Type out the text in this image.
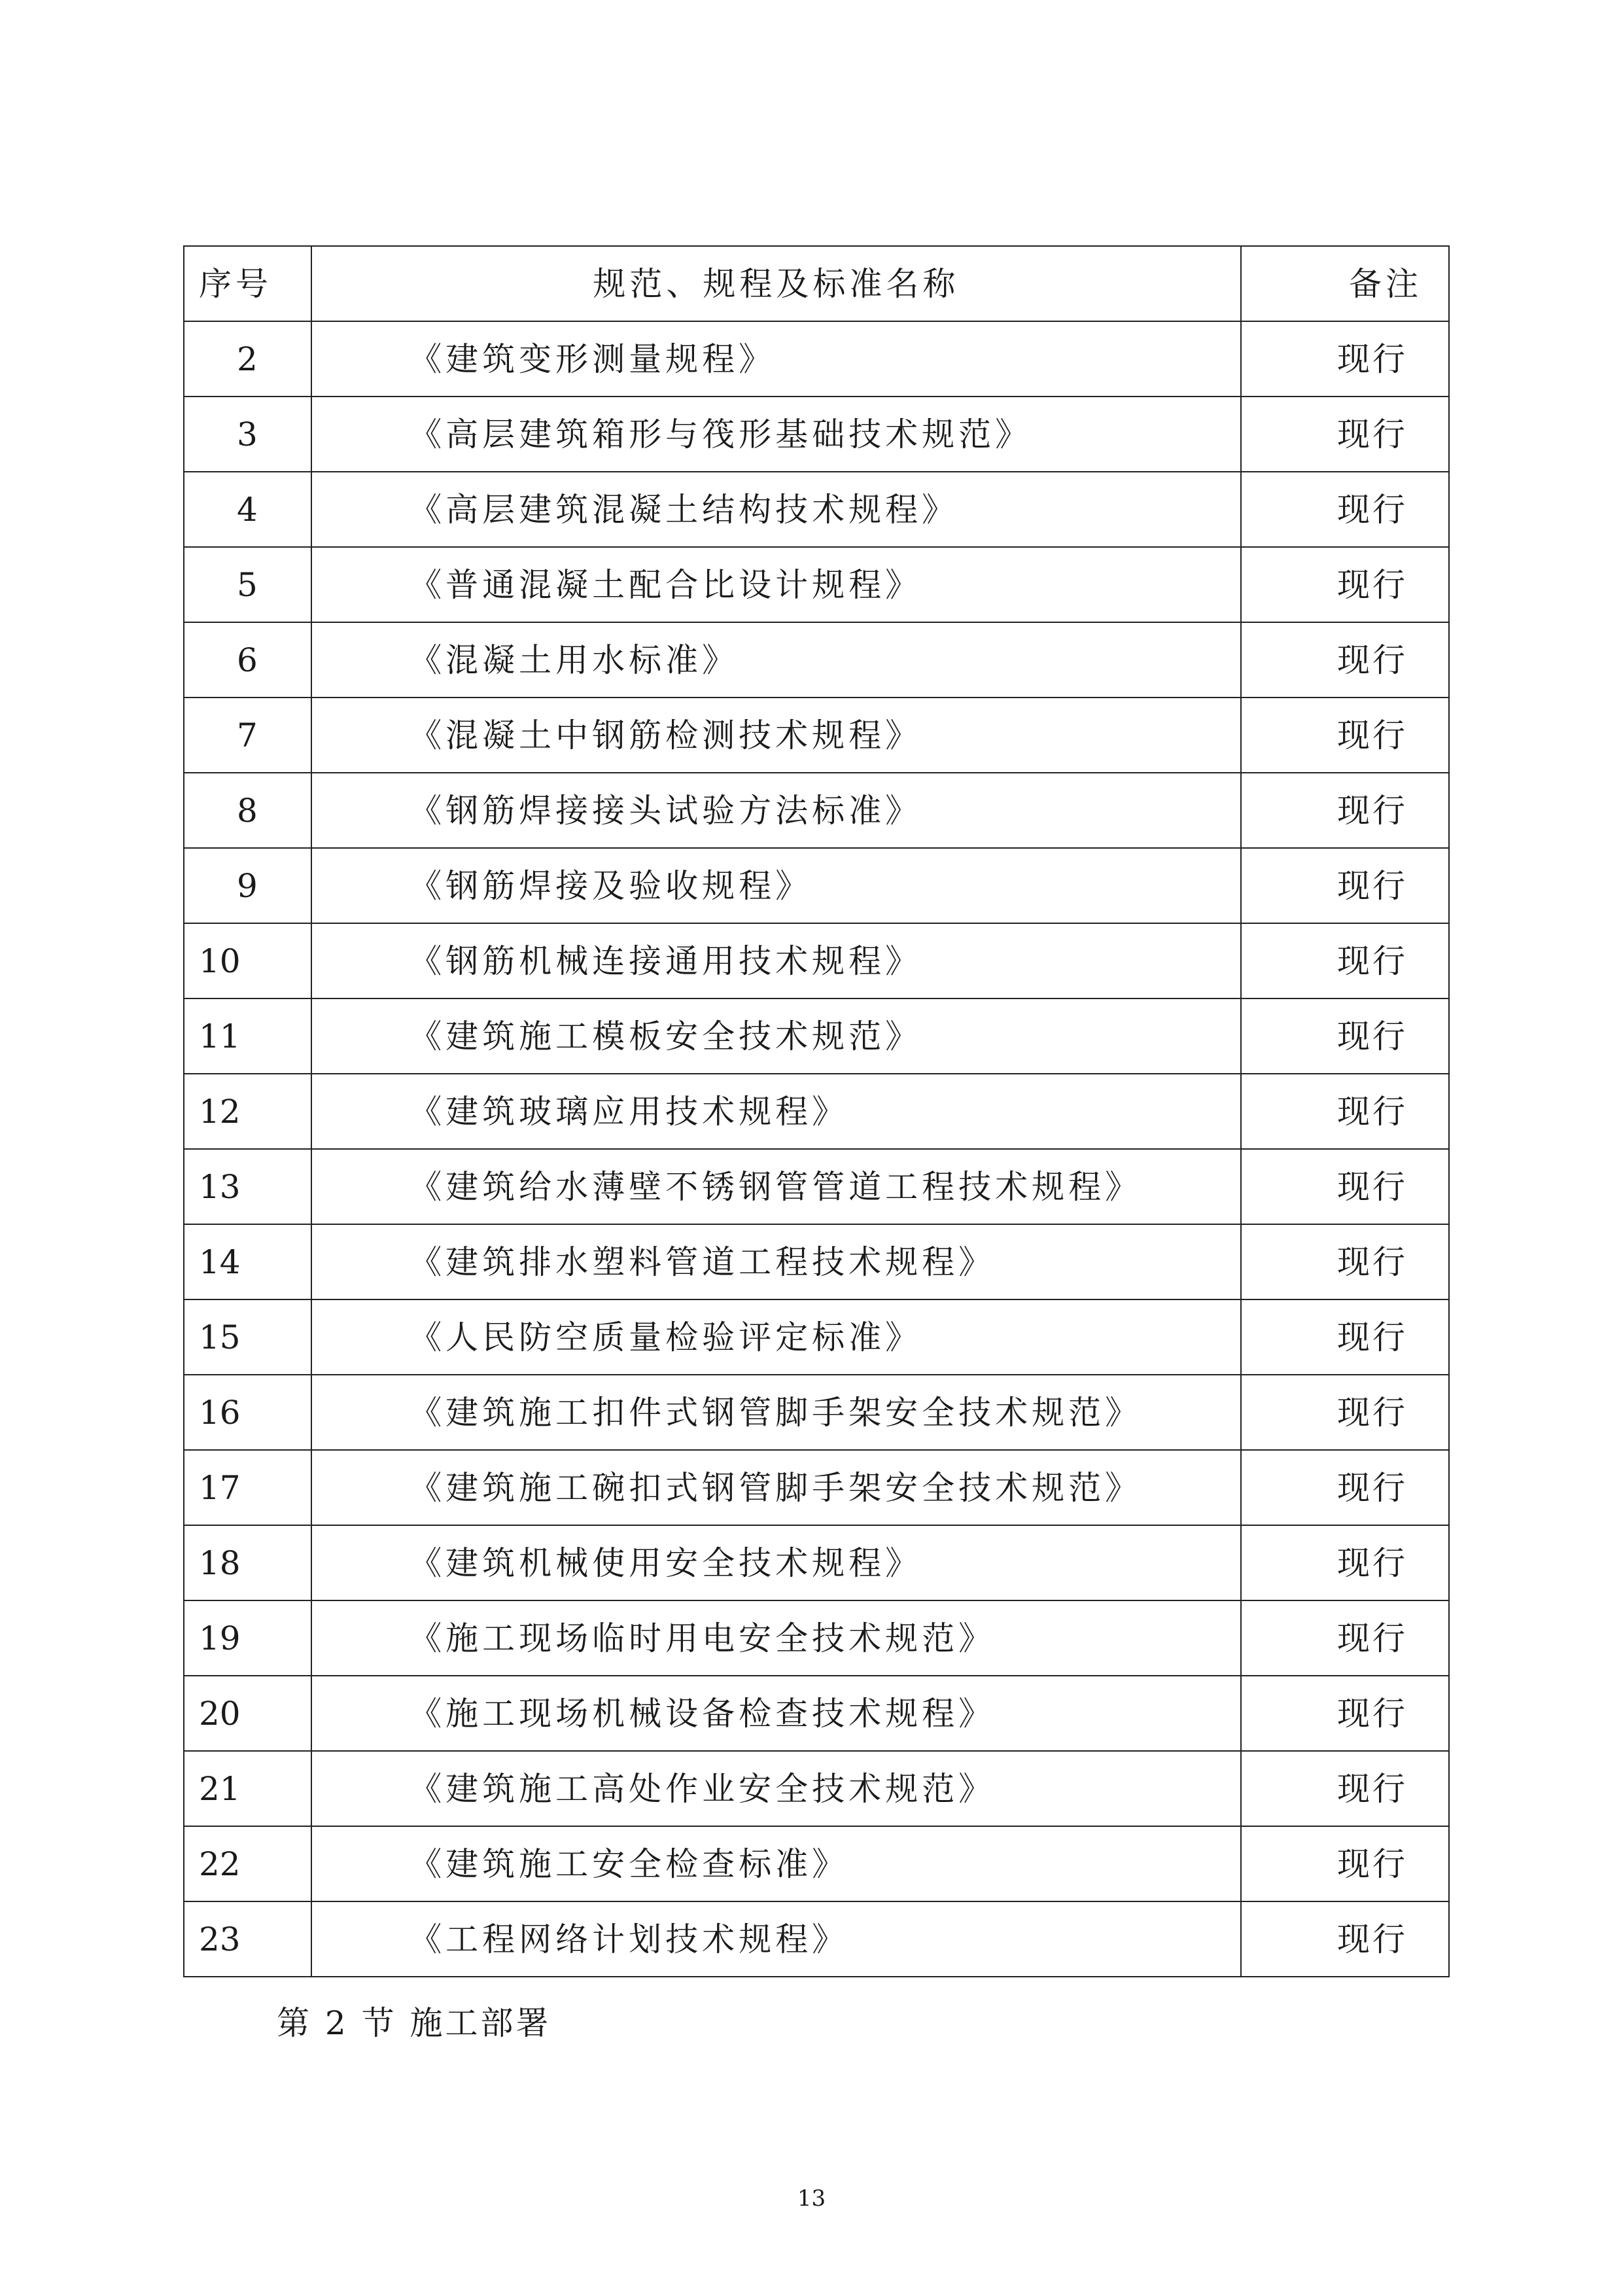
序号	规范、规程及标准名称	备注
2	《建筑变形测量规程》	现行
3	《高层建筑箱形与筏形基础技术规范》	现行
4	《高层建筑混凝土结构技术规程》	现行
5	《普通混凝土配合比设计规程》	现行
6	《混凝土用水标准》	现行
7	《混凝土中钢筋检测技术规程》	现行
8	《钢筋焊接接头试验方法标准》	现行
9	《钢筋焊接及验收规程》	现行
10	《钢筋机械连接通用技术规程》	现行
11	《建筑施工模板安全技术规范》	现行
12	《建筑玻璃应用技术规程》	现行
13	《建筑给水薄壁不锈钢管管道工程技术规程》	现行
14	《建筑排水塑料管道工程技术规程》	现行
15	《人民防空质量检验评定标准》	现行
16	《建筑施工扣件式钢管脚手架安全技术规范》	现行
17	《建筑施工碗扣式钢管脚手架安全技术规范》	现行
18	《建筑机械使用安全技术规程》	现行
19	《施工现场临时用电安全技术规范》	现行
20	《施工现场机械设备检查技术规程》	现行
21	《建筑施工高处作业安全技术规范》	现行
22	《建筑施工安全检查标准》	现行
23	《工程网络计划技术规程》	现行
第 2 节 施工部署
13
